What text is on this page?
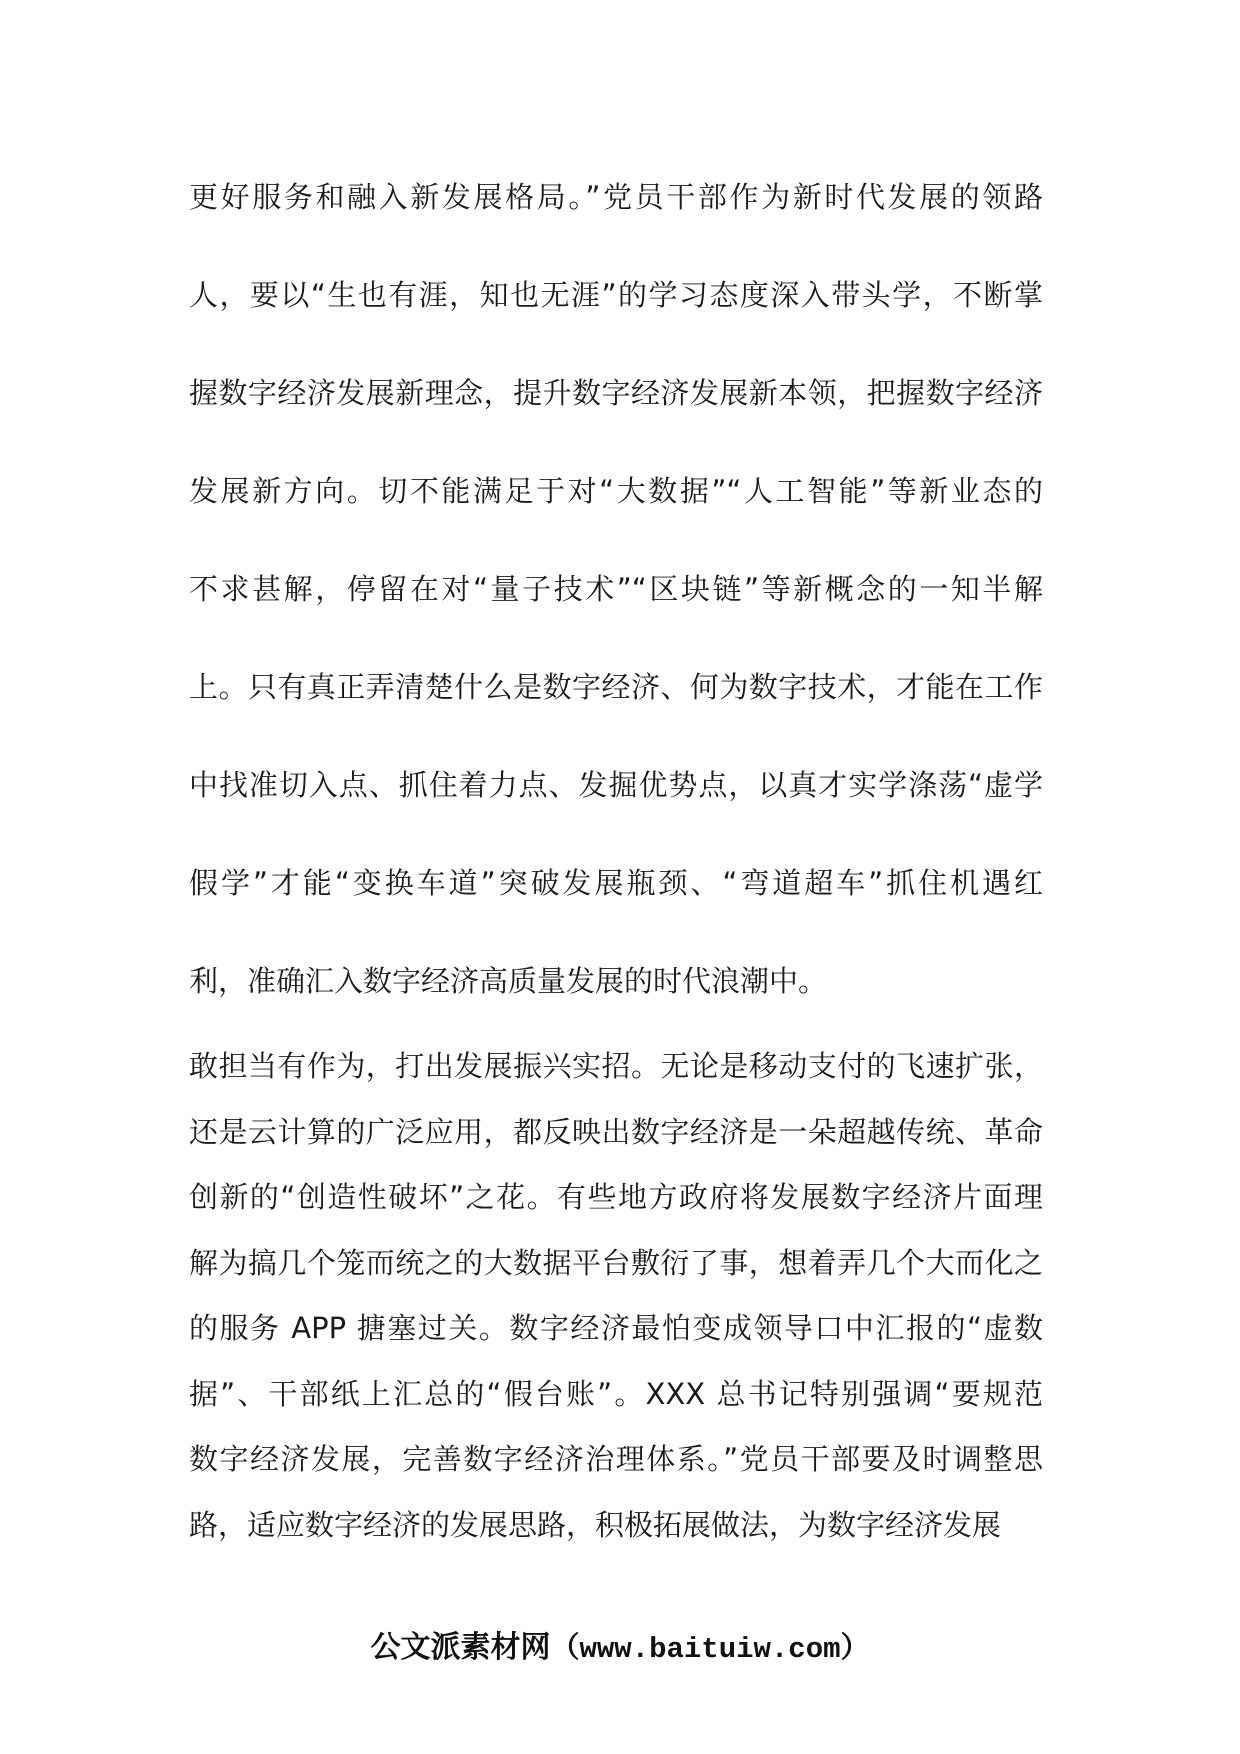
更好服务和融入新发展格局。”党员干部作为新时代发展的领路
人，要以“生也有涯，知也无涯”的学习态度深入带头学，不断掌
握数字经济发展新理念，提升数字经济发展新本领，把握数字经济
发展新方向。切不能满足于对“大数据”“人工智能”等新业态的
不求甚解，停留在对“量子技术”“区块链”等新概念的一知半解
上。只有真正弄清楚什么是数字经济、何为数字技术，才能在工作
中找准切入点、抓住着力点、发掘优势点，以真才实学涤荡“虚学
假学”才能“变换车道”突破发展瓶颈、“弯道超车”抓住机遇红
利，准确汇入数字经济高质量发展的时代浪潮中。
敢担当有作为，打出发展振兴实招。无论是移动支付的飞速扩张，
还是云计算的广泛应用，都反映出数字经济是一朵超越传统、革命
创新的“创造性破坏”之花。有些地方政府将发展数字经济片面理
解为搞几个笼而统之的大数据平台敷衍了事，想着弄几个大而化之
的服务 APP 搪塞过关。数字经济最怕变成领导口中汇报的“虚数
据”、干部纸上汇总的“假台账”。XXX 总书记特别强调“要规范
数字经济发展，完善数字经济治理体系。”党员干部要及时调整思
路，适应数字经济的发展思路，积极拓展做法，为数字经济发展
公文派素材网（www.baituiw.com）
